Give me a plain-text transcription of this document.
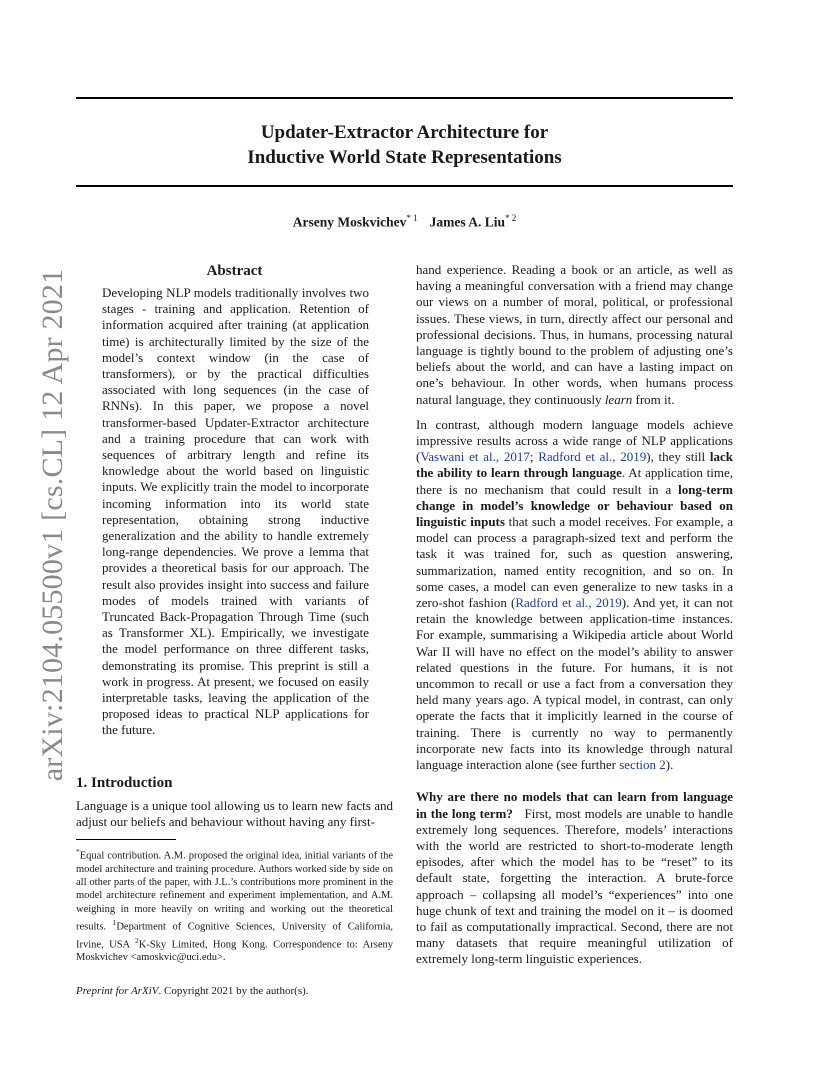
Updater-Extractor Architecture for
Inductive World State Representations

Arseny Moskvichev$^{* 1}$ James A. Liu$^{* 2}$

arXiv:2104.05500v1 [cs.CL] 12 Apr 2021	Abstract

Developing NLP models traditionally involves two stages - training and application. Retention of information acquired after training (at application time) is architecturally limited by the size of the model’s context window (in the case of transformers), or by the practical difficulties associated with long sequences (in the case of RNNs). In this paper, we propose a novel transformer-based Updater-Extractor architecture and a training procedure that can work with sequences of arbitrary length and refine its knowledge about the world based on linguistic inputs. We explicitly train the model to incorporate incoming information into its world state representation, obtaining strong inductive generalization and the ability to handle extremely long-range dependencies. We prove a lemma that provides a theoretical basis for our approach. The result also provides insight into success and failure modes of models trained with variants of Truncated Back-Propagation Through Time (such as Transformer XL). Empirically, we investigate the model performance on three different tasks, demonstrating its promise. This preprint is still a work in progress. At present, we focused on easily interpretable tasks, leaving the application of the proposed ideas to practical NLP applications for the future.

1. Introduction

Language is a unique tool allowing us to learn new facts and adjust our beliefs and behaviour without having any first-

*Equal contribution. A.M. proposed the original idea, initial variants of the model architecture and training procedure. Authors worked side by side on all other parts of the paper, with J.L.’s contributions more prominent in the model architecture refinement and experiment implementation, and A.M. weighing in more heavily on writing and working out the theoretical results. $^1$Department of Cognitive Sciences, University of California, Irvine, USA $^2$K-Sky Limited, Hong Kong. Correspondence to: Arseny Moskvichev <amoskvic@uci.edu>.

Preprint for ArXiV. Copyright 2021 by the author(s).

hand experience. Reading a book or an article, as well as having a meaningful conversation with a friend may change our views on a number of moral, political, or professional issues. These views, in turn, directly affect our personal and professional decisions. Thus, in humans, processing natural language is tightly bound to the problem of adjusting one’s beliefs about the world, and can have a lasting impact on one’s behaviour. In other words, when humans process natural language, they continuously learn from it.

In contrast, although modern language models achieve impressive results across a wide range of NLP applications (Vaswani et al., 2017; Radford et al., 2019), they still lack the ability to learn through language. At application time, there is no mechanism that could result in a long-term change in model’s knowledge or behaviour based on linguistic inputs that such a model receives. For example, a model can process a paragraph-sized text and perform the task it was trained for, such as question answering, summarization, named entity recognition, and so on. In some cases, a model can even generalize to new tasks in a zero-shot fashion (Radford et al., 2019). And yet, it can not retain the knowledge between application-time instances. For example, summarising a Wikipedia article about World War II will have no effect on the model’s ability to answer related questions in the future. For humans, it is not uncommon to recall or use a fact from a conversation they held many years ago. A typical model, in contrast, can only operate the facts that it implicitly learned in the course of training. There is currently no way to permanently incorporate new facts into its knowledge through natural language interaction alone (see further section 2).

Why are there no models that can learn from language in the long term? First, most models are unable to handle extremely long sequences. Therefore, models’ interactions with the world are restricted to short-to-moderate length episodes, after which the model has to be “reset” to its default state, forgetting the interaction. A brute-force approach – collapsing all model’s “experiences” into one huge chunk of text and training the model on it – is doomed to fail as computationally impractical. Second, there are not many datasets that require meaningful utilization of extremely long-term linguistic experiences.
